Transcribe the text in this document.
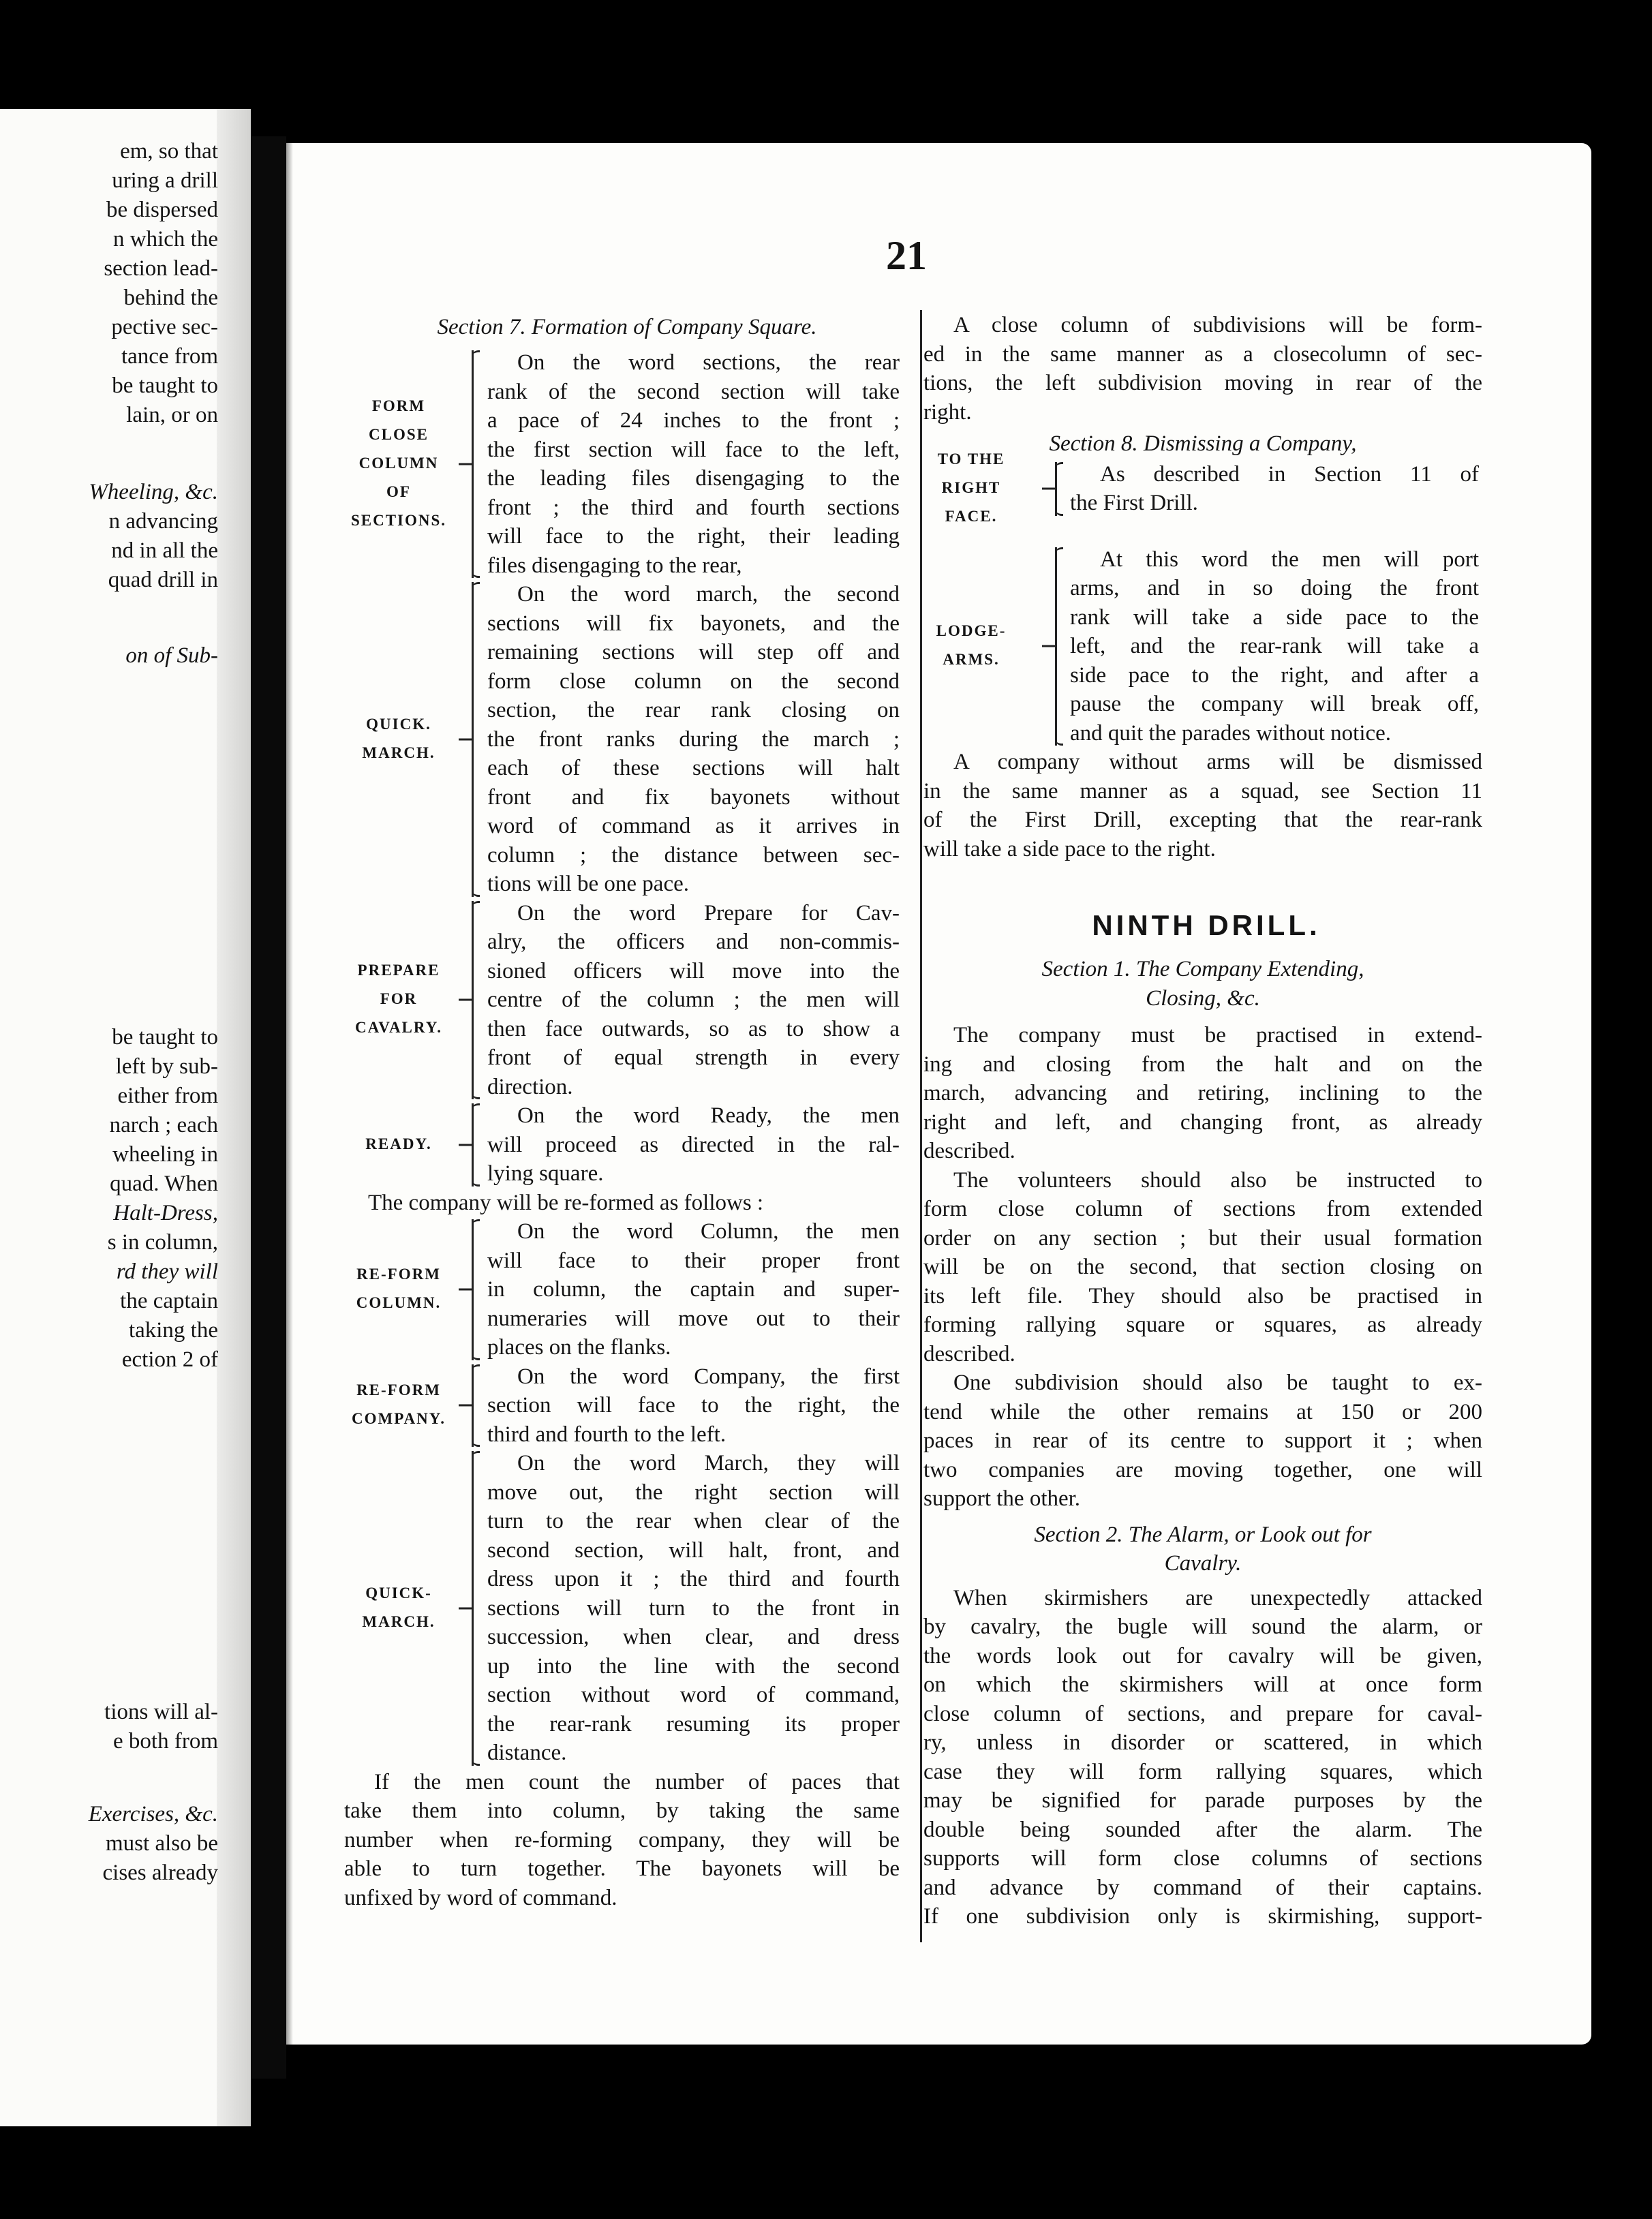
em, so that
uring a drill
be dispersed
n which the
section lead-
behind the
pective sec-
tance from
be taught to
lain, or on
Wheeling, &c.
n advancing
nd in all the
quad drill in
on of Sub-
be taught to
left by sub-
either from
narch ; each
wheeling in
quad. When
Halt-Dress,
s in column,
rd they will
the captain
taking the
ection 2 of
tions will al-
e both from
Exercises, &c.
must also be
cises already
21
Section 7. Formation of Company Square.
NINTH DRILL.
On the word sections, the rear
rank of the second section will take
a pace of 24 inches to the front ;
the first section will face to the left,
the leading files disengaging to the
front ; the third and fourth sections
will face to the right, their leading
files disengaging to the rear,
FORM
CLOSE
COLUMN
OF
SECTIONS.
On the word march, the second
sections will fix bayonets, and the
remaining sections will step off and
form close column on the second
section, the rear rank closing on
the front ranks during the march ;
each of these sections will halt
front and fix bayonets without
word of command as it arrives in
column ; the distance between sec-
tions will be one pace.
QUICK.
MARCH.
On the word Prepare for Cav-
alry, the officers and non-commis-
sioned officers will move into the
centre of the column ; the men will
then face outwards, so as to show a
front of equal strength in every
direction.
PREPARE
FOR
CAVALRY.
On the word Ready, the men
will proceed as directed in the ral-
lying square.
READY.
The company will be re-formed as follows :
On the word Column, the men
will face to their proper front
in column, the captain and super-
numeraries will move out to their
places on the flanks.
RE-FORM
COLUMN.
On the word Company, the first
section will face to the right, the
third and fourth to the left.
RE-FORM
COMPANY.
On the word March, they will
move out, the right section will
turn to the rear when clear of the
second section, will halt, front, and
dress upon it ; the third and fourth
sections will turn to the front in
succession, when clear, and dress
up into the line with the second
section without word of command,
the rear-rank resuming its proper
distance.
QUICK-
MARCH.
If the men count the number of paces that
take them into column, by taking the same
number when re-forming company, they will be
able to turn together. The bayonets will be
unfixed by word of command.
A close column of subdivisions will be form-
ed in the same manner as a closecolumn of sec-
tions, the left subdivision moving in rear of the
right.
Section 8. Dismissing a Company,
As described in Section 11 of
the First Drill.
TO THE
RIGHT
FACE.
At this word the men will port
arms, and in so doing the front
rank will take a side pace to the
left, and the rear-rank will take a
side pace to the right, and after a
pause the company will break off,
and quit the parades without notice.
LODGE-
ARMS.
A company without arms will be dismissed
in the same manner as a squad, see Section 11
of the First Drill, excepting that the rear-rank
will take a side pace to the right.
Section 1. The Company Extending,
Closing, &c.
The company must be practised in extend-
ing and closing from the halt and on the
march, advancing and retiring, inclining to the
right and left, and changing front, as already
described.
The volunteers should also be instructed to
form close column of sections from extended
order on any section ; but their usual formation
will be on the second, that section closing on
its left file. They should also be practised in
forming rallying square or squares, as already
described.
One subdivision should also be taught to ex-
tend while the other remains at 150 or 200
paces in rear of its centre to support it ; when
two companies are moving together, one will
support the other.
Section 2. The Alarm, or Look out for
Cavalry.
When skirmishers are unexpectedly attacked
by cavalry, the bugle will sound the alarm, or
the words look out for cavalry will be given,
on which the skirmishers will at once form
close column of sections, and prepare for caval-
ry, unless in disorder or scattered, in which
case they will form rallying squares, which
may be signified for parade purposes by the
double being sounded after the alarm. The
supports will form close columns of sections
and advance by command of their captains.
If one subdivision only is skirmishing, support-
